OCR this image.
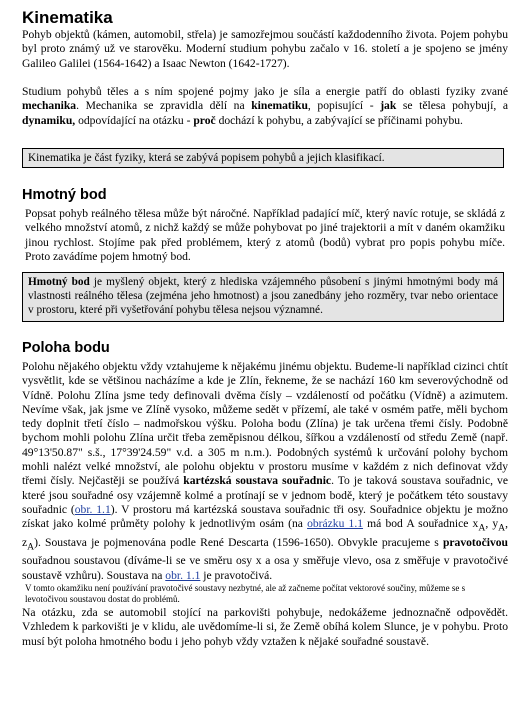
Kinematika

Pohyb objektů (kámen, automobil, střela) je samozřejmou součástí každodenního života. Pojem pohybu byl proto známý už ve starověku. Moderní studium pohybu začalo v 16. století a je spojeno se jmény Galileo Galilei (1564-1642) a Isaac Newton (1642-1727).

Studium pohybů těles a s ním spojené pojmy jako je síla a energie patří do oblasti fyziky zvané mechanika. Mechanika se zpravidla dělí na kinematiku, popisující - jak se tělesa pohybují, a dynamiku, odpovídající na otázku - proč dochází k pohybu, a zabývající se příčinami pohybu.

Kinematika je část fyziky, která se zabývá popisem pohybů a jejich klasifikací.
Hmotný bod

Popsat pohyb reálného tělesa může být náročné. Například padající míč, který navíc rotuje, se skládá z velkého množství atomů, z nichž každý se může pohybovat po jiné trajektorii a mít v daném okamžiku jinou rychlost. Stojíme pak před problémem, který z atomů (bodů) vybrat pro popis pohybu míče. Proto zavádíme pojem hmotný bod.

Hmotný bod je myšlený objekt, který z hlediska vzájemného působení s jinými hmotnými body má vlastnosti reálného tělesa (zejména jeho hmotnost) a jsou zanedbány jeho rozměry, tvar nebo orientace v prostoru, které při vyšetřování pohybu tělesa nejsou významné.
Poloha bodu

Polohu nějakého objektu vždy vztahujeme k nějakému jinému objektu. Budeme-li například cizinci chtít vysvětlit, kde se většinou nacházíme a kde je Zlín, řekneme, že se nachází 160 km severovýchodně od Vídně. Polohu Zlína jsme tedy definovali dvěma čísly – vzdáleností od počátku (Vídně) a azimutem. Nevíme však, jak jsme ve Zlíně vysoko, můžeme sedět v přízemí, ale také v osmém patře, měli bychom tedy doplnit třetí číslo – nadmořskou výšku. Poloha bodu (Zlína) je tak určena třemi čísly. Podobně bychom mohli polohu Zlína určit třeba zeměpisnou délkou, šířkou a vzdáleností od středu Země (např. 49°13'50.87" s.š., 17°39'24.59" v.d. a 305 m n.m.). Podobných systémů k určování polohy bychom mohli nalézt velké množství, ale polohu objektu v prostoru musíme v každém z nich definovat vždy třemi čísly. Nejčastěji se používá kartézská soustava souřadnic. To je taková soustava souřadnic, ve které jsou souřadné osy vzájemně kolmé a protínají se v jednom bodě, který je počátkem této soustavy souřadnic (obr. 1.1). V prostoru má kartézská soustava souřadnic tři osy. Souřadnice objektu je možno získat jako kolmé průměty polohy k jednotlivým osám (na obrázku 1.1 má bod A souřadnice $x_A$, $y_A$, $z_A$). Soustava je pojmenována podle René Descarta (1596-1650). Obvykle pracujeme s pravotočivou souřadnou soustavou (díváme-li se ve směru osy x a osa y směřuje vlevo, osa z směřuje v pravotočivé soustavě vzhůru). Soustava na obr. 1.1 je pravotočivá.

V tomto okamžiku není používání pravotočivé soustavy nezbytné, ale až začneme počítat vektorové součiny, můžeme se s levotočivou soustavou dostat do problémů.

Na otázku, zda se automobil stojící na parkovišti pohybuje, nedokážeme jednoznačně odpovědět. Vzhledem k parkovišti je v klidu, ale uvědomíme-li si, že Země obíhá kolem Slunce, je v pohybu. Proto musí být poloha hmotného bodu i jeho pohyb vždy vztažen k nějaké souřadné soustavě.
